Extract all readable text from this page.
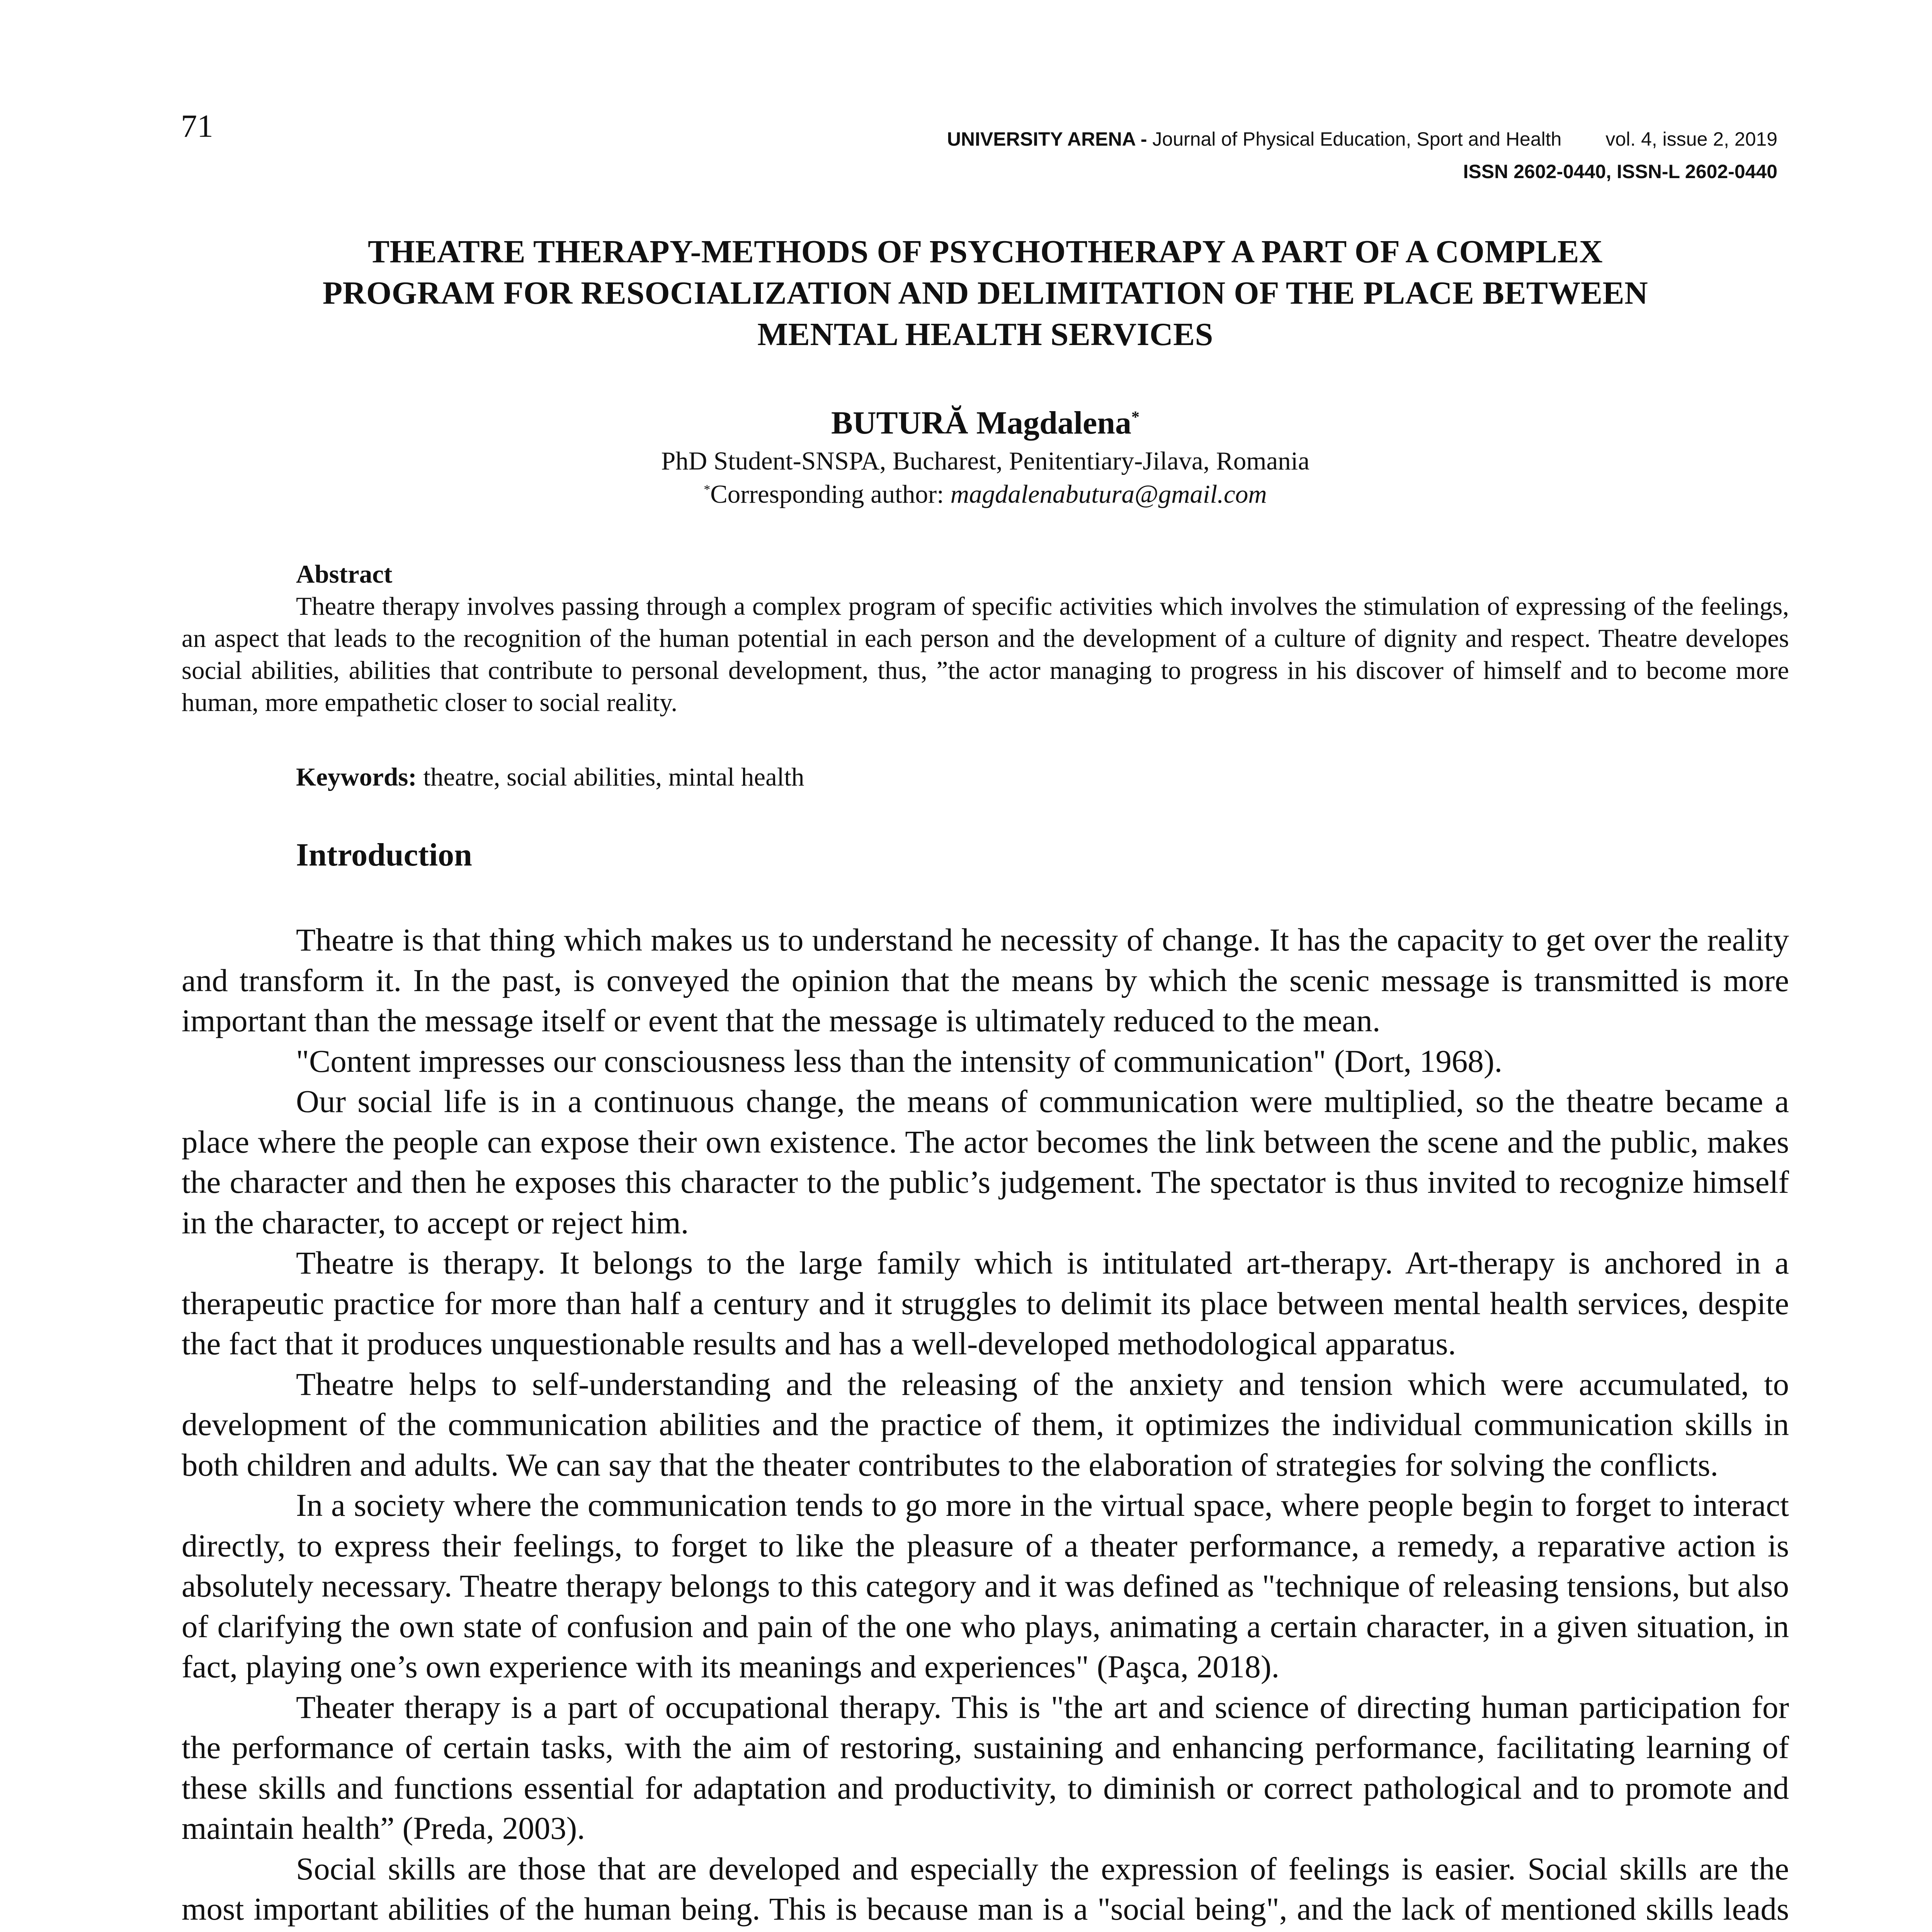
71	UNIVERSITY ARENA - Journal of Physical Education, Sport and Health vol. 4, issue 2, 2019
ISSN 2602-0440, ISSN-L 2602-0440
THEATRE THERAPY-METHODS OF PSYCHOTHERAPY A PART OF A COMPLEX
PROGRAM FOR RESOCIALIZATION AND DELIMITATION OF THE PLACE BETWEEN
MENTAL HEALTH SERVICES
BUTURĂ Magdalena*
PhD Student-SNSPA, Bucharest, Penitentiary-Jilava, Romania
*Corresponding author: magdalenabutura@gmail.com
Abstract

Theatre therapy involves passing through a complex program of specific activities which involves the stimulation of expressing of the feelings, an aspect that leads to the recognition of the human potential in each person and the development of a culture of dignity and respect. Theatre developes social abilities, abilities that contribute to personal development, thus, ”the actor managing to progress in his discover of himself and to become more human, more empathetic closer to social reality.

Keywords: theatre, social abilities, mintal health
Introduction

Theatre is that thing which makes us to understand he necessity of change. It has the capacity to get over the reality and transform it. In the past, is conveyed the opinion that the means by which the scenic message is transmitted is more important than the message itself or event that the message is ultimately reduced to the mean.

"Content impresses our consciousness less than the intensity of communication" (Dort, 1968).

Our social life is in a continuous change, the means of communication were multiplied, so the theatre became a place where the people can expose their own existence. The actor becomes the link between the scene and the public, makes the character and then he exposes this character to the public’s judgement. The spectator is thus invited to recognize himself in the character, to accept or reject him.

Theatre is therapy. It belongs to the large family which is intitulated art-therapy. Art-therapy is anchored in a therapeutic practice for more than half a century and it struggles to delimit its place between mental health services, despite the fact that it produces unquestionable results and has a well-developed methodological apparatus.

Theatre helps to self-understanding and the releasing of the anxiety and tension which were accumulated, to development of the communication abilities and the practice of them, it optimizes the individual communication skills in both children and adults. We can say that the theater contributes to the elaboration of strategies for solving the conflicts.

In a society where the communication tends to go more in the virtual space, where people begin to forget to interact directly, to express their feelings, to forget to like the pleasure of a theater performance, a remedy, a reparative action is absolutely necessary. Theatre therapy belongs to this category and it was defined as "technique of releasing tensions, but also of clarifying the own state of confusion and pain of the one who plays, animating a certain character, in a given situation, in fact, playing one’s own experience with its meanings and experiences" (Paşca, 2018).

Theater therapy is a part of occupational therapy. This is "the art and science of directing human participation for the performance of certain tasks, with the aim of restoring, sustaining and enhancing performance, facilitating learning of these skills and functions essential for adaptation and productivity, to diminish or correct pathological and to promote and maintain health” (Preda, 2003).

Social skills are those that are developed and especially the expression of feelings is easier. Social skills are the most important abilities of the human being. This is because man is a "social being", and the lack of mentioned skills leads
